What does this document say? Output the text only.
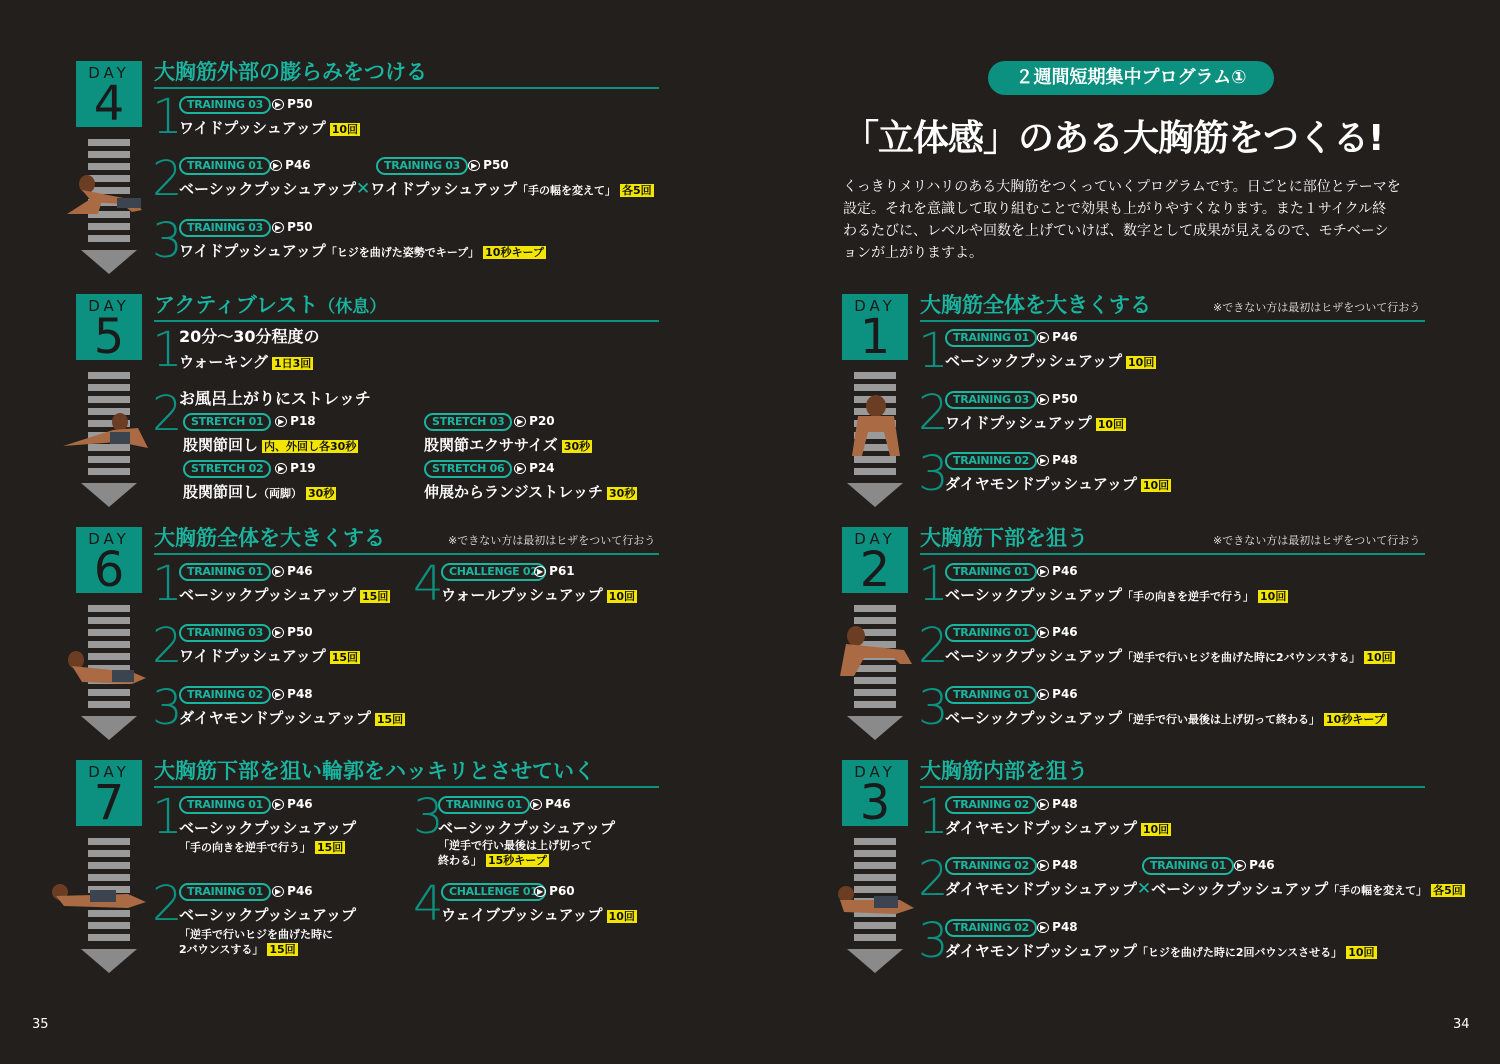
DAY
4
大胸筋外部の膨らみをつける
1 TRAINING 03	▶ P50
ワイドプッシュアップ 10回
2 TRAINING 01	▶ P46	TRAINING 03	▶ P50
ベーシックプッシュアップ✕ワイドプッシュアップ「手の幅を変えて」 各5回
3 TRAINING 03	▶ P50
ワイドプッシュアップ「ヒジを曲げた姿勢でキープ」 10秒キープ
DAY
5
アクティブレスト（休息）
1
20分〜30分程度の
ウォーキング 1日3回
2
お風呂上がりにストレッチ
STRETCH 01	▶ P18
股関節回し 内、外回し各30秒
STRETCH 03	▶ P20
股関節エクササイズ 30秒
STRETCH 02	▶ P19
股関節回し（両脚） 30秒
STRETCH 06	▶ P24
伸展からランジストレッチ 30秒
DAY
6
大胸筋全体を大きくする	※できない方は最初はヒザをついて行おう
1 TRAINING 01	▶ P46
ベーシックプッシュアップ 15回
2 TRAINING 03	▶ P50
ワイドプッシュアップ 15回
3 TRAINING 02	▶ P48
ダイヤモンドプッシュアップ 15回
4 CHALLENGE 02 ▶ P61
ウォールプッシュアップ 10回
DAY
7
大胸筋下部を狙い輪郭をハッキリとさせていく
1 TRAINING 01	▶ P46
ベーシックプッシュアップ
「手の向きを逆手で行う」 15回
2 TRAINING 01	▶ P46
ベーシックプッシュアップ
「逆手で行いヒジを曲げた時に
2バウンスする」 15回
3 TRAINING 01	▶ P46
ベーシックプッシュアップ
「逆手で行い最後は上げ切って
終わる」 15秒キープ
4 CHALLENGE 01 ▶ P60
ウェイブプッシュアップ 10回
35
２週間短期集中プログラム①
「立体感」のある大胸筋をつくる!
くっきりメリハリのある大胸筋をつくっていくプログラムです。日ごとに部位とテーマを
設定。それを意識して取り組むことで効果も上がりやすくなります。また１サイクル終
わるたびに、レベルや回数を上げていけば、数字として成果が見えるので、モチベーシ
ョンが上がりますよ。
DAY
1
大胸筋全体を大きくする	※できない方は最初はヒザをついて行おう
1 TRAINING 01	▶ P46
ベーシックプッシュアップ 10回
2 TRAINING 03	▶ P50
ワイドプッシュアップ 10回
3 TRAINING 02	▶ P48
ダイヤモンドプッシュアップ 10回
DAY
2
大胸筋下部を狙う	※できない方は最初はヒザをついて行おう
1 TRAINING 01	▶ P46
ベーシックプッシュアップ「手の向きを逆手で行う」 10回
2 TRAINING 01	▶ P46
ベーシックプッシュアップ「逆手で行いヒジを曲げた時に2バウンスする」 10回
3 TRAINING 01	▶ P46
ベーシックプッシュアップ「逆手で行い最後は上げ切って終わる」 10秒キープ
DAY
3
大胸筋内部を狙う
1 TRAINING 02	▶ P48
ダイヤモンドプッシュアップ 10回
2 TRAINING 02	▶ P48	TRAINING 01	▶ P46
ダイヤモンドプッシュアップ✕ベーシックプッシュアップ「手の幅を変えて」 各5回
3 TRAINING 02	▶ P48
ダイヤモンドプッシュアップ「ヒジを曲げた時に2回バウンスさせる」 10回
34
